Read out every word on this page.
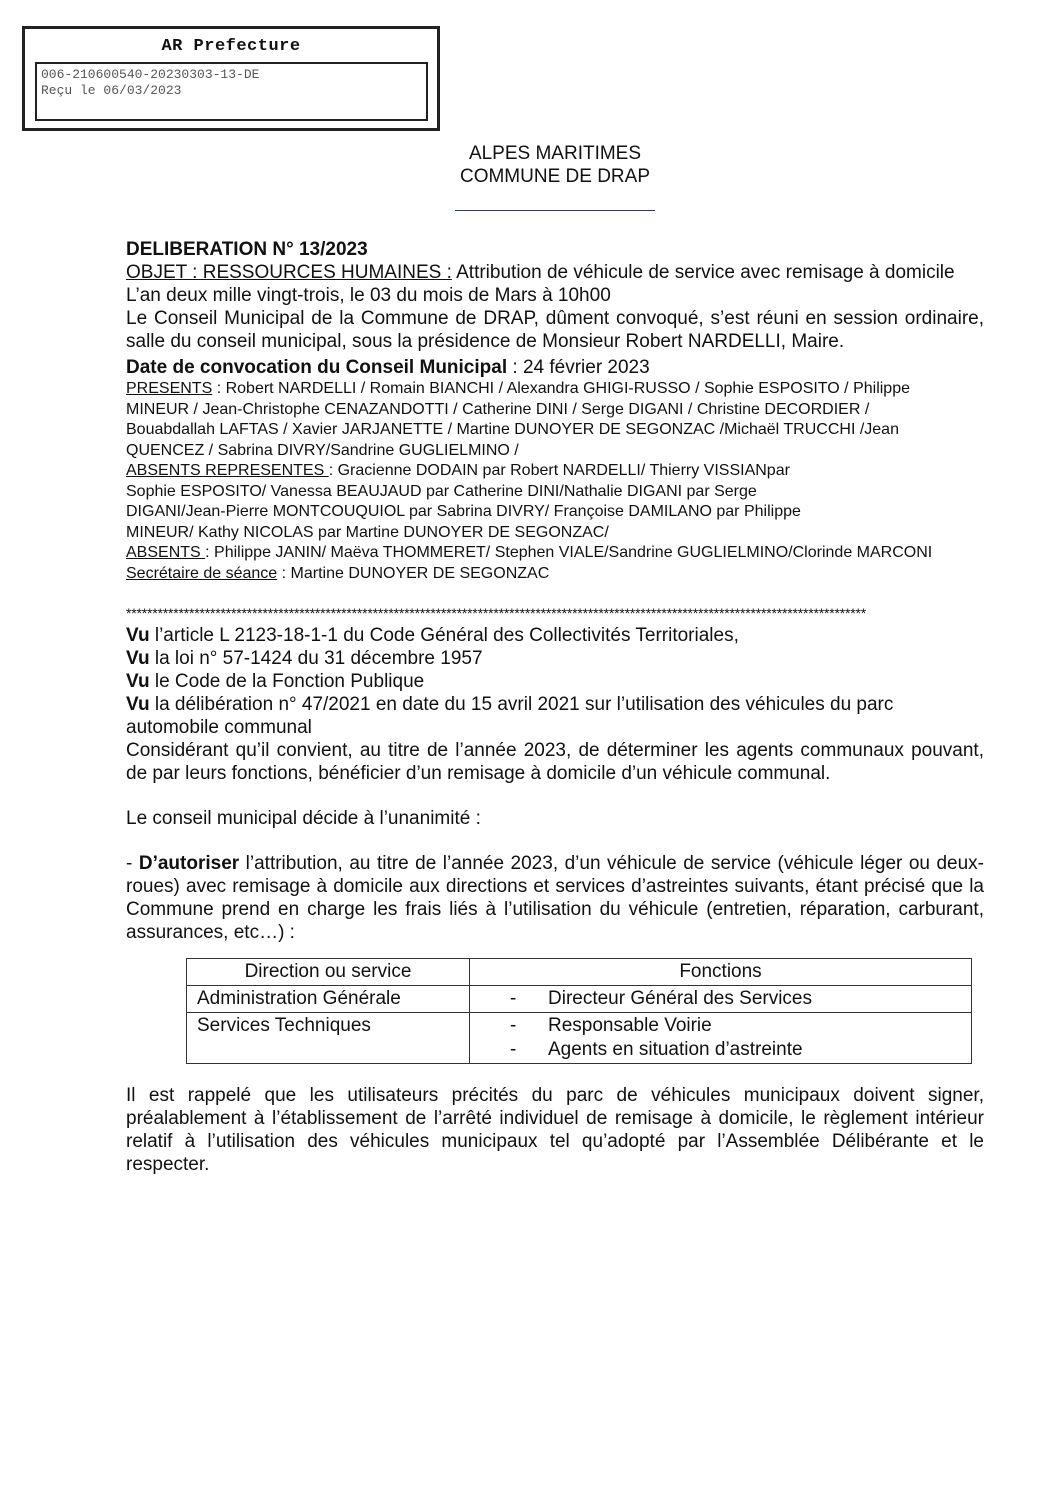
AR Prefecture
006-210600540-20230303-13-DE
Reçu le 06/03/2023
ALPES MARITIMES
COMMUNE DE DRAP

DELIBERATION N° 13/2023

OBJET : RESSOURCES HUMAINES : Attribution de véhicule de service avec remisage à domicile

L’an deux mille vingt-trois, le 03 du mois de Mars à 10h00

Le Conseil Municipal de la Commune de DRAP, dûment convoqué, s’est réuni en session ordinaire, salle du conseil municipal, sous la présidence de Monsieur Robert NARDELLI, Maire.

Date de convocation du Conseil Municipal : 24 février 2023

PRESENTS : Robert NARDELLI / Romain BIANCHI / Alexandra GHIGI-RUSSO / Sophie ESPOSITO / Philippe MINEUR / Jean-Christophe CENAZANDOTTI / Catherine DINI / Serge DIGANI / Christine DECORDIER / Bouabdallah LAFTAS / Xavier JARJANETTE / Martine DUNOYER DE SEGONZAC /Michaël TRUCCHI /Jean QUENCEZ / Sabrina DIVRY/Sandrine GUGLIELMINO /

ABSENTS REPRESENTES : Gracienne DODAIN par Robert NARDELLI/ Thierry VISSIANpar Sophie ESPOSITO/ Vanessa BEAUJAUD par Catherine DINI/Nathalie DIGANI par Serge DIGANI/Jean-Pierre MONTCOUQUIOL par Sabrina DIVRY/ Françoise DAMILANO par Philippe MINEUR/ Kathy NICOLAS par Martine DUNOYER DE SEGONZAC/

ABSENTS : Philippe JANIN/ Maëva THOMMERET/ Stephen VIALE/Sandrine GUGLIELMINO/Clorinde MARCONI

Secrétaire de séance : Martine DUNOYER DE SEGONZAC

*********************************************************************************************************************************************

Vu l’article L 2123-18-1-1 du Code Général des Collectivités Territoriales,

Vu la loi n° 57-1424 du 31 décembre 1957

Vu le Code de la Fonction Publique

Vu la délibération n° 47/2021 en date du 15 avril 2021 sur l’utilisation des véhicules du parc automobile communal

Considérant qu’il convient, au titre de l’année 2023, de déterminer les agents communaux pouvant, de par leurs fonctions, bénéficier d’un remisage à domicile d’un véhicule communal.

Le conseil municipal décide à l’unanimité :

- D’autoriser l’attribution, au titre de l’année 2023, d’un véhicule de service (véhicule léger ou deux-roues) avec remisage à domicile aux directions et services d’astreintes suivants, étant précisé que la Commune prend en charge les frais liés à l’utilisation du véhicule (entretien, réparation, carburant, assurances, etc…) :

Direction ou service	Fonctions
Administration Générale	- Directeur Général des Services

Services Techniques	- Responsable Voirie
- Agents en situation d’astreinte

Il est rappelé que les utilisateurs précités du parc de véhicules municipaux doivent signer, préalablement à l’établissement de l’arrêté individuel de remisage à domicile, le règlement intérieur relatif à l’utilisation des véhicules municipaux tel qu’adopté par l’Assemblée Délibérante et le respecter.
